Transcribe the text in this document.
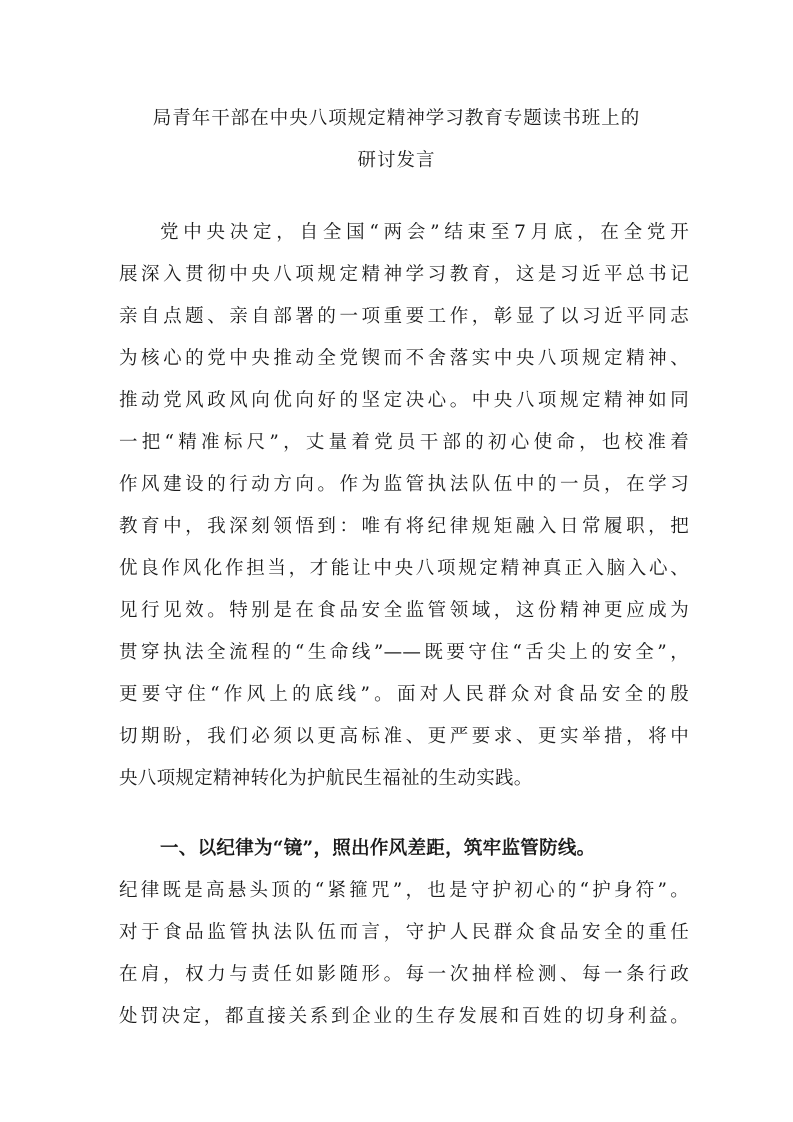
局青年干部在中央八项规定精神学习教育专题读书班上的
研讨发言
党中央决定，自全国“两会”结束至7月底，在全党开
展深入贯彻中央八项规定精神学习教育，这是习近平总书记
亲自点题、亲自部署的一项重要工作，彰显了以习近平同志
为核心的党中央推动全党锲而不舍落实中央八项规定精神、
推动党风政风向优向好的坚定决心。中央八项规定精神如同
一把“精准标尺”，丈量着党员干部的初心使命，也校准着
作风建设的行动方向。作为监管执法队伍中的一员，在学习
教育中，我深刻领悟到：唯有将纪律规矩融入日常履职，把
优良作风化作担当，才能让中央八项规定精神真正入脑入心、
见行见效。特别是在食品安全监管领域，这份精神更应成为
贯穿执法全流程的“生命线”——既要守住“舌尖上的安全”，
更要守住“作风上的底线”。面对人民群众对食品安全的殷
切期盼，我们必须以更高标准、更严要求、更实举措，将中
央八项规定精神转化为护航民生福祉的生动实践。
一、以纪律为“镜”，照出作风差距，筑牢监管防线。
纪律既是高悬头顶的“紧箍咒”，也是守护初心的“护身符”。
对于食品监管执法队伍而言，守护人民群众食品安全的重任
在肩，权力与责任如影随形。每一次抽样检测、每一条行政
处罚决定，都直接关系到企业的生存发展和百姓的切身利益。
